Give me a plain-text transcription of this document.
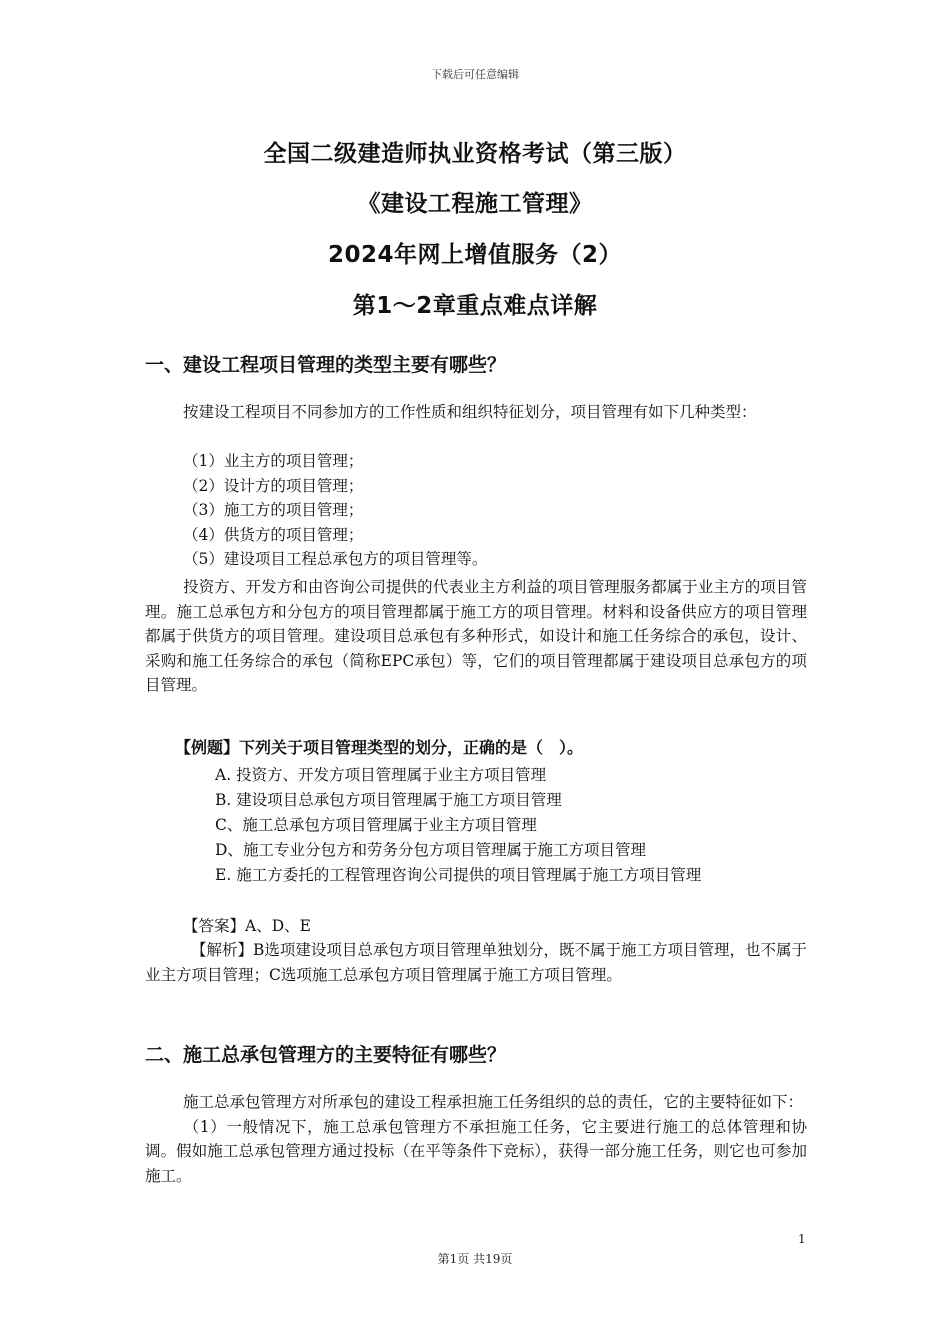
下载后可任意编辑
全国二级建造师执业资格考试（第三版）
《建设工程施工管理》
2024年网上增值服务（2）
第1～2章重点难点详解
一、建设工程项目管理的类型主要有哪些？
按建设工程项目不同参加方的工作性质和组织特征划分，项目管理有如下几种类型：
（1）业主方的项目管理；
（2）设计方的项目管理；
（3）施工方的项目管理；
（4）供货方的项目管理；
（5）建设项目工程总承包方的项目管理等。
投资方、开发方和由咨询公司提供的代表业主方利益的项目管理服务都属于业主方的项目管理。施工总承包方和分包方的项目管理都属于施工方的项目管理。材料和设备供应方的项目管理都属于供货方的项目管理。建设项目总承包有多种形式，如设计和施工任务综合的承包，设计、采购和施工任务综合的承包（简称EPC承包）等，它们的项目管理都属于建设项目总承包方的项目管理。
【例题】下列关于项目管理类型的划分，正确的是（　）。
A.
投资方、开发方项目管理属于业主方项目管理
B.
建设项目总承包方项目管理属于施工方项目管理
C、 施工总承包方项目管理属于业主方项目管理
D、 施工专业分包方和劳务分包方项目管理属于施工方项目管理
E.
施工方委托的工程管理咨询公司提供的项目管理属于施工方项目管理
【答案】A、D、E
【解析】B选项建设项目总承包方项目管理单独划分，既不属于施工方项目管理，也不属于业主方项目管理；C选项施工总承包方项目管理属于施工方项目管理。
二、施工总承包管理方的主要特征有哪些？
施工总承包管理方对所承包的建设工程承担施工任务组织的总的责任，它的主要特征如下：
（1）一般情况下，施工总承包管理方不承担施工任务，它主要进行施工的总体管理和协调。假如施工总承包管理方通过投标（在平等条件下竞标），获得一部分施工任务，则它也可参加施工。
1
第1页 共19页
